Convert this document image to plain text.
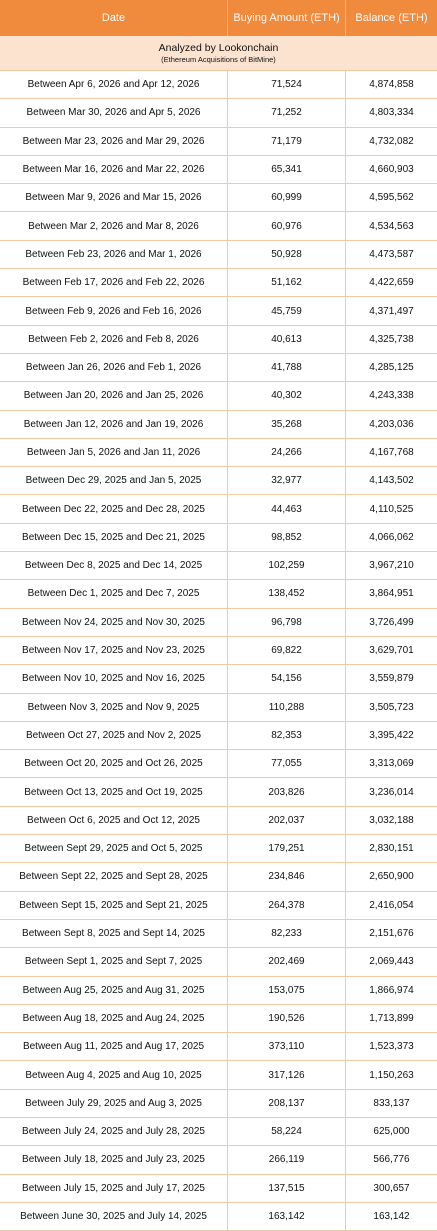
Date	Buying Amount (ETH)	Balance (ETH)
Analyzed by Lookonchain
(Ethereum Acquisitions of BitMine)
Between Apr 6, 2026 and Apr 12, 2026	71,524	4,874,858
Between Mar 30, 2026 and Apr 5, 2026	71,252	4,803,334
Between Mar 23, 2026 and Mar 29, 2026	71,179	4,732,082
Between Mar 16, 2026 and Mar 22, 2026	65,341	4,660,903
Between Mar 9, 2026 and Mar 15, 2026	60,999	4,595,562
Between Mar 2, 2026 and Mar 8, 2026	60,976	4,534,563
Between Feb 23, 2026 and Mar 1, 2026	50,928	4,473,587
Between Feb 17, 2026 and Feb 22, 2026	51,162	4,422,659
Between Feb 9, 2026 and Feb 16, 2026	45,759	4,371,497
Between Feb 2, 2026 and Feb 8, 2026	40,613	4,325,738
Between Jan 26, 2026 and Feb 1, 2026	41,788	4,285,125
Between Jan 20, 2026 and Jan 25, 2026	40,302	4,243,338
Between Jan 12, 2026 and Jan 19, 2026	35,268	4,203,036
Between Jan 5, 2026 and Jan 11, 2026	24,266	4,167,768
Between Dec 29, 2025 and Jan 5, 2025	32,977	4,143,502
Between Dec 22, 2025 and Dec 28, 2025	44,463	4,110,525
Between Dec 15, 2025 and Dec 21, 2025	98,852	4,066,062
Between Dec 8, 2025 and Dec 14, 2025	102,259	3,967,210
Between Dec 1, 2025 and Dec 7, 2025	138,452	3,864,951
Between Nov 24, 2025 and Nov 30, 2025	96,798	3,726,499
Between Nov 17, 2025 and Nov 23, 2025	69,822	3,629,701
Between Nov 10, 2025 and Nov 16, 2025	54,156	3,559,879
Between Nov 3, 2025 and Nov 9, 2025	110,288	3,505,723
Between Oct 27, 2025 and Nov 2, 2025	82,353	3,395,422
Between Oct 20, 2025 and Oct 26, 2025	77,055	3,313,069
Between Oct 13, 2025 and Oct 19, 2025	203,826	3,236,014
Between Oct 6, 2025 and Oct 12, 2025	202,037	3,032,188
Between Sept 29, 2025 and Oct 5, 2025	179,251	2,830,151
Between Sept 22, 2025 and Sept 28, 2025	234,846	2,650,900
Between Sept 15, 2025 and Sept 21, 2025	264,378	2,416,054
Between Sept 8, 2025 and Sept 14, 2025	82,233	2,151,676
Between Sept 1, 2025 and Sept 7, 2025	202,469	2,069,443
Between Aug 25, 2025 and Aug 31, 2025	153,075	1,866,974
Between Aug 18, 2025 and Aug 24, 2025	190,526	1,713,899
Between Aug 11, 2025 and Aug 17, 2025	373,110	1,523,373
Between Aug 4, 2025 and Aug 10, 2025	317,126	1,150,263
Between July 29, 2025 and Aug 3, 2025	208,137	833,137
Between July 24, 2025 and July 28, 2025	58,224	625,000
Between July 18, 2025 and July 23, 2025	266,119	566,776
Between July 15, 2025 and July 17, 2025	137,515	300,657
Between June 30, 2025 and July 14, 2025	163,142	163,142
